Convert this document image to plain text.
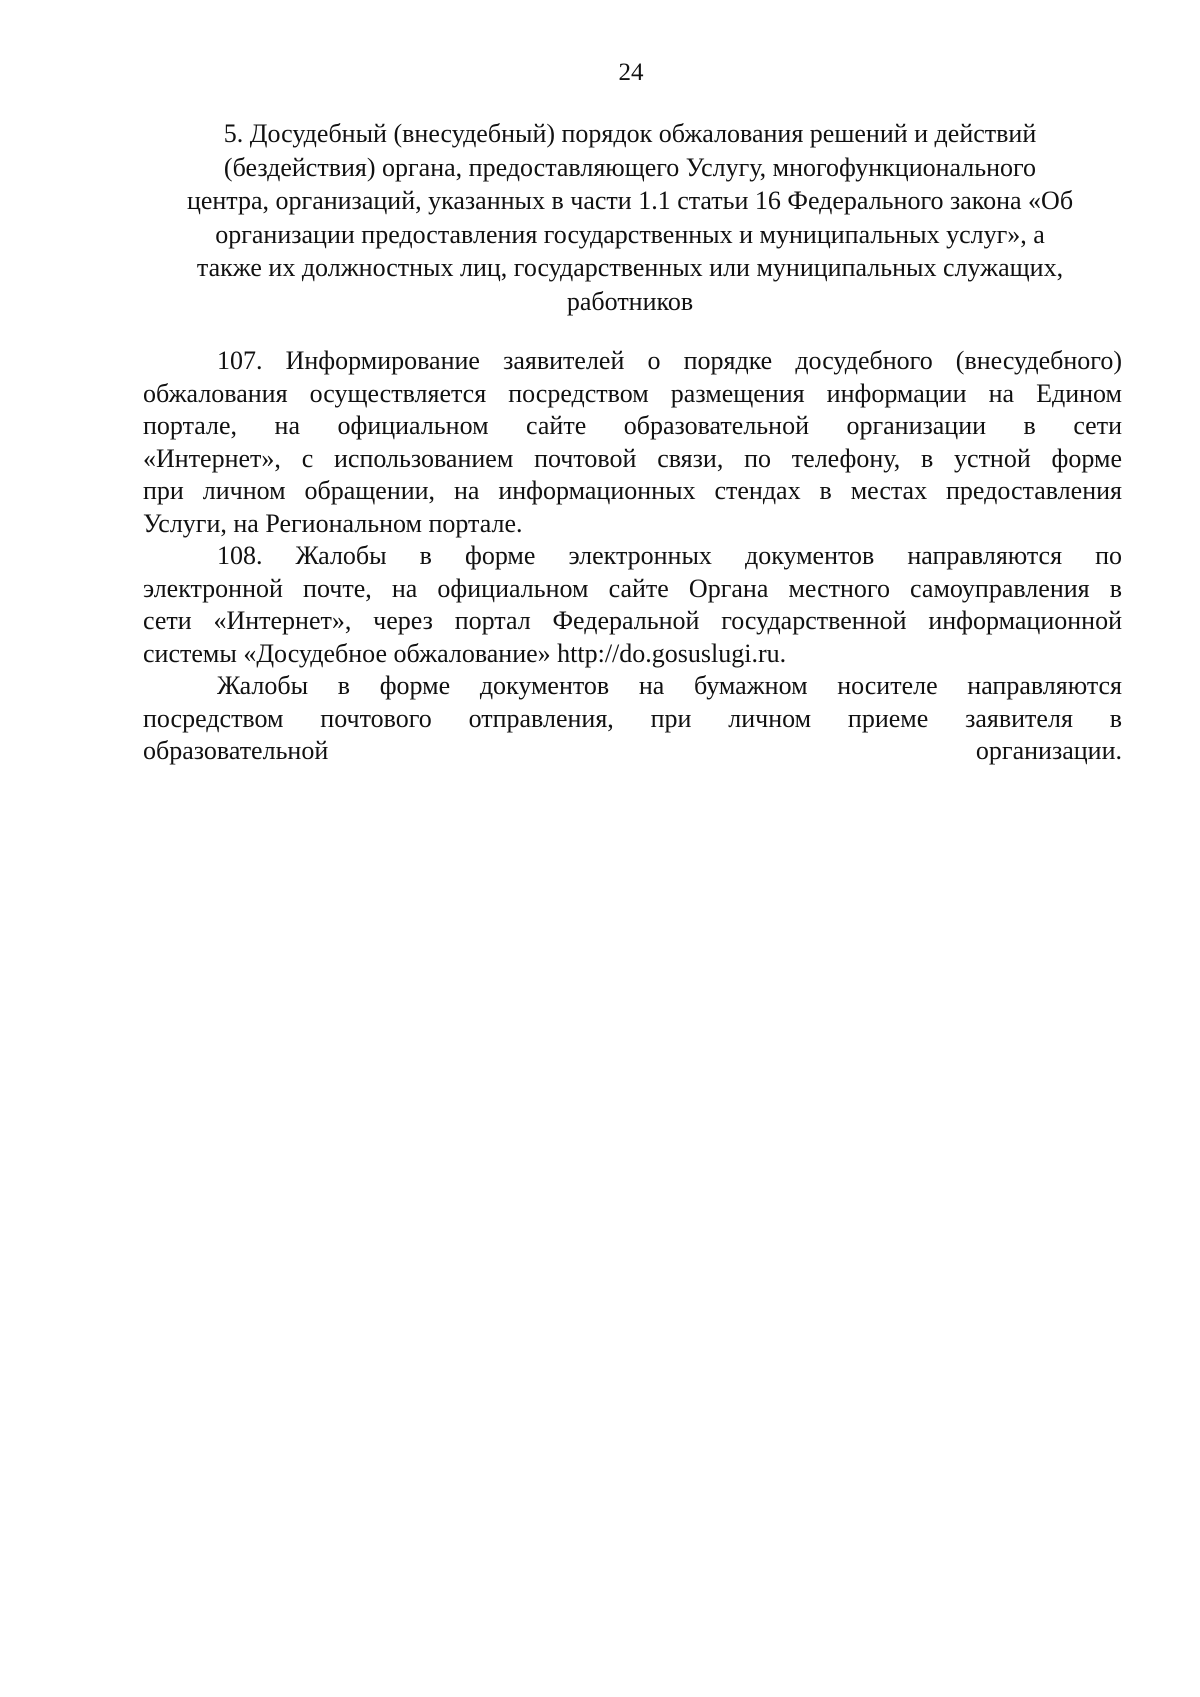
24
5. Досудебный (внесудебный) порядок обжалования решений и действий
(бездействия) органа, предоставляющего Услугу, многофункционального
центра, организаций, указанных в части 1.1 статьи 16 Федерального закона «Об
организации предоставления государственных и муниципальных услуг», а
также их должностных лиц, государственных или муниципальных служащих,
работников
107. Информирование заявителей о порядке досудебного (внесудебного)
обжалования осуществляется посредством размещения информации на Едином
портале, на официальном сайте образовательной организации в сети
«Интернет», с использованием почтовой связи, по телефону, в устной форме
при личном обращении, на информационных стендах в местах предоставления
Услуги, на Региональном портале.
108. Жалобы в форме электронных документов направляются по
электронной почте, на официальном сайте Органа местного самоуправления в
сети «Интернет», через портал Федеральной государственной информационной
системы «Досудебное обжалование» http://do.gosuslugi.ru.
Жалобы в форме документов на бумажном носителе направляются
посредством почтового отправления, при личном приеме заявителя в
образовательной организации.
